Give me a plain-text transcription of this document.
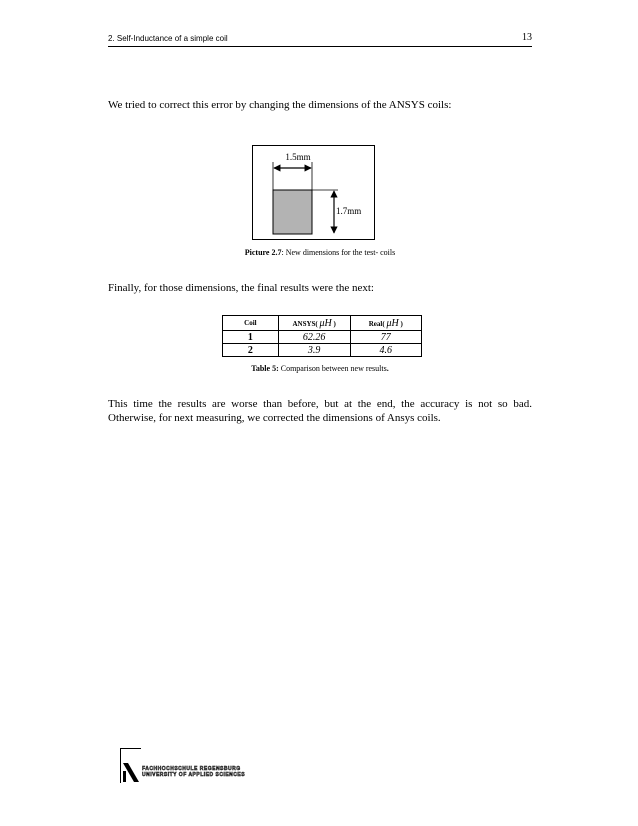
2. Self-Inductance of a simple coil	13

We tried to correct this error by changing the dimensions of the ANSYS coils:

1.5mm
1.7mm
Picture 2.7: New dimensions for the test- coils

Finally, for those dimensions, the final results were the next:

Coil	ANSYS( μH )	Real( μH )
1	62.26	77
2	3.9	4.6
Table 5: Comparison between new results.

This time the results are worse than before, but at the end, the accuracy is not so bad. Otherwise, for next measuring, we corrected the dimensions of Ansys coils.

FACHHOCHSCHULE REGENSBURG
UNIVERSITY OF APPLIED SCIENCES
